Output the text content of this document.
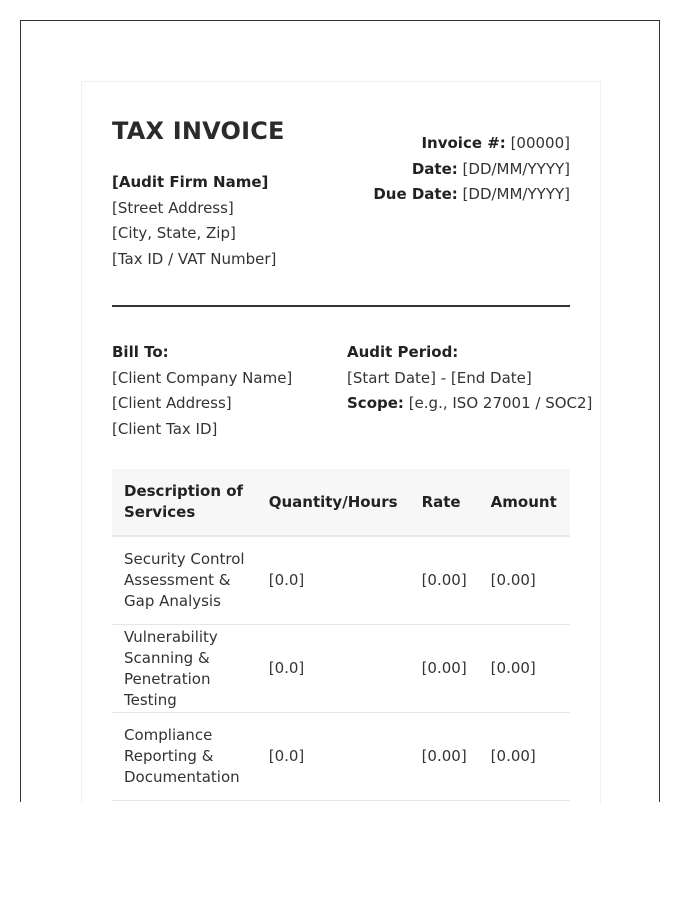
TAX INVOICE
[Audit Firm Name]
[Street Address]
[City, State, Zip]
[Tax ID / VAT Number]
Invoice #: [00000]
Date: [DD/MM/YYYY]
Due Date: [DD/MM/YYYY]
Bill To:
[Client Company Name]
[Client Address]
[Client Tax ID]
Audit Period:
[Start Date] - [End Date]
Scope: [e.g., ISO 27001 / SOC2]
Description of Services	Quantity/Hours	Rate	Amount
Security Control Assessment & Gap Analysis	[0.0]	[0.00]	[0.00]
Vulnerability Scanning & Penetration Testing	[0.0]	[0.00]	[0.00]
Compliance Reporting & Documentation	[0.0]	[0.00]	[0.00]
